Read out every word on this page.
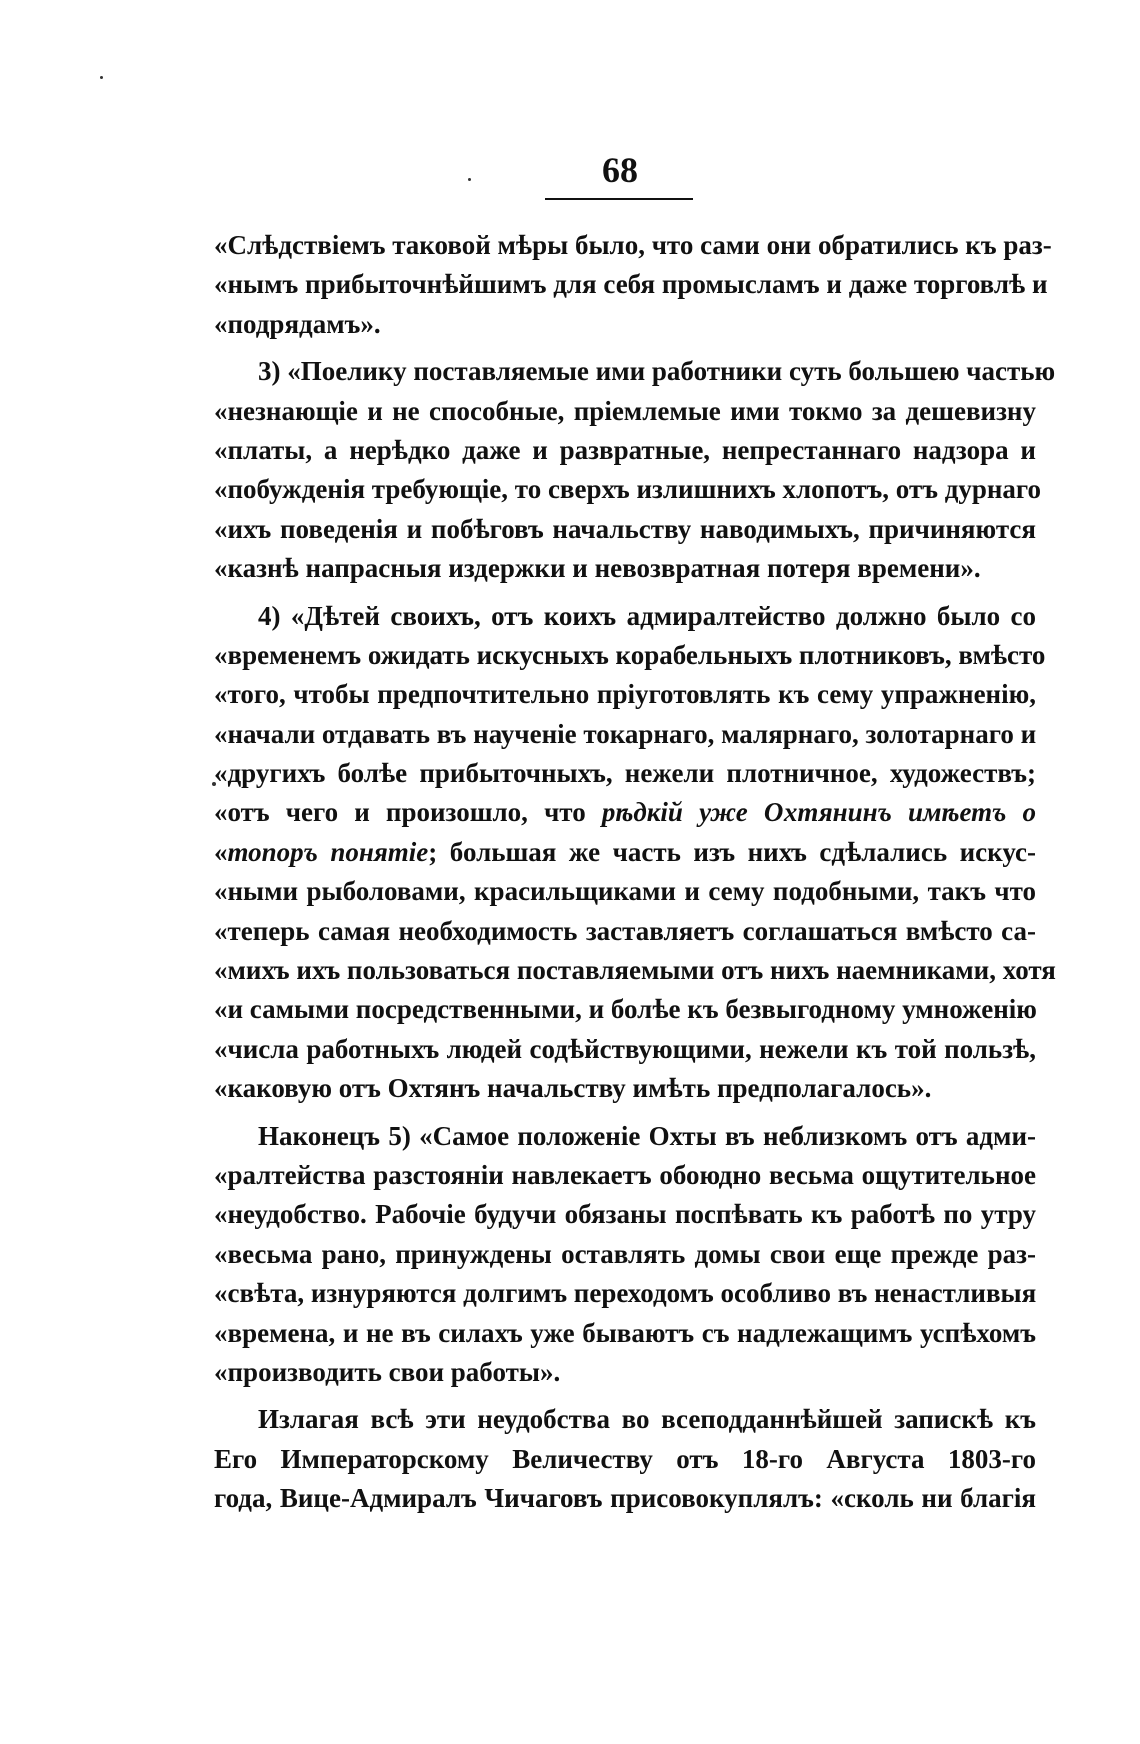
68
«Слѣдствіемъ таковой мѣры было, что сами они обратились къ раз-
«нымъ прибыточнѣйшимъ для себя промысламъ и даже торговлѣ и
«подрядамъ».
3) «Поелику поставляемые ими работники суть большею частью
«незнающіе и не способные, пріемлемые ими токмо за дешевизну
«платы, а нерѣдко даже и развратные, непрестаннаго надзора и
«побужденія требующіе, то сверхъ излишнихъ хлопотъ, отъ дурнаго
«ихъ поведенія и побѣговъ начальству наводимыхъ, причиняются
«казнѣ напрасныя издержки и невозвратная потеря времени».
4) «Дѣтей своихъ, отъ коихъ адмиралтейство должно было со
«временемъ ожидать искусныхъ корабельныхъ плотниковъ, вмѣсто
«того, чтобы предпочтительно пріуготовлять къ сему упражненію,
«начали отдавать въ наученіе токарнаго, малярнаго, золотарнаго и
«другихъ болѣе прибыточныхъ, нежели плотничное, художествъ;
«отъ чего и произошло, что рѣдкій уже Охтянинъ имѣетъ о
«топоръ понятіе; большая же часть изъ нихъ сдѣлались искус-
«ными рыболовами, красильщиками и сему подобными, такъ что
«теперь самая необходимость заставляетъ соглашаться вмѣсто са-
«михъ ихъ пользоваться поставляемыми отъ нихъ наемниками, хотя
«и самыми посредственными, и болѣе къ безвыгодному умноженію
«числа работныхъ людей содѣйствующими, нежели къ той пользѣ,
«каковую отъ Охтянъ начальству имѣть предполагалось».
Наконецъ 5) «Самое положеніе Охты въ неблизкомъ отъ адми-
«ралтейства разстояніи навлекаетъ обоюдно весьма ощутительное
«неудобство. Рабочіе будучи обязаны поспѣвать къ работѣ по утру
«весьма рано, принуждены оставлять домы свои еще прежде раз-
«свѣта, изнуряются долгимъ переходомъ особливо въ ненастливыя
«времена, и не въ силахъ уже бываютъ съ надлежащимъ успѣхомъ
«производить свои работы».
Излагая всѣ эти неудобства во всеподданнѣйшей запискѣ къ
Его Императорскому Величеству отъ 18-го Августа 1803-го
года, Вице-Адмиралъ Чичаговъ присовокуплялъ: «сколь ни благія
